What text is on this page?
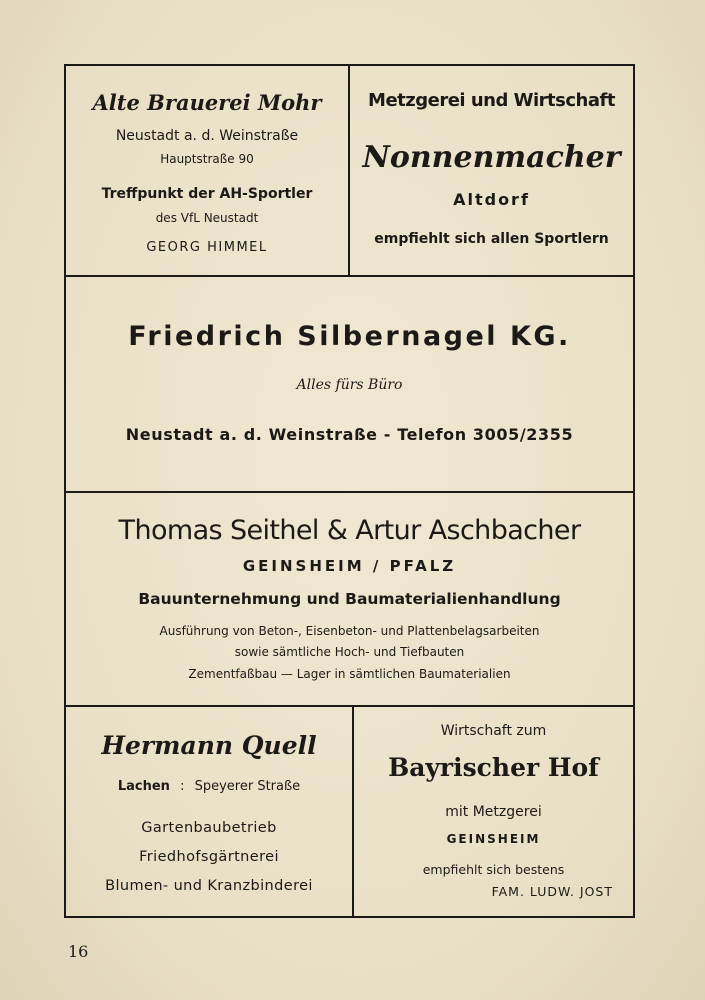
Alte Brauerei Mohr
Neustadt a. d. Weinstraße
Hauptstraße 90
Treffpunkt der AH-Sportler
des VfL Neustadt
GEORG HIMMEL
Metzgerei und Wirtschaft
Nonnenmacher
Altdorf
empfiehlt sich allen Sportlern
Friedrich Silbernagel KG.
Alles fürs Büro
Neustadt a. d. Weinstraße - Telefon 3005/2355
Thomas Seithel & Artur Aschbacher
GEINSHEIM / PFALZ
Bauunternehmung und Baumaterialienhandlung
Ausführung von Beton-, Eisenbeton- und Plattenbelagsarbeiten
sowie sämtliche Hoch- und Tiefbauten
Zementfaßbau — Lager in sämtlichen Baumaterialien
Hermann Quell
Lachen : Speyerer Straße
Gartenbaubetrieb
Friedhofsgärtnerei
Blumen- und Kranzbinderei
Wirtschaft zum
Bayrischer Hof
mit Metzgerei
GEINSHEIM
empfiehlt sich bestens
FAM. LUDW. JOST
16
